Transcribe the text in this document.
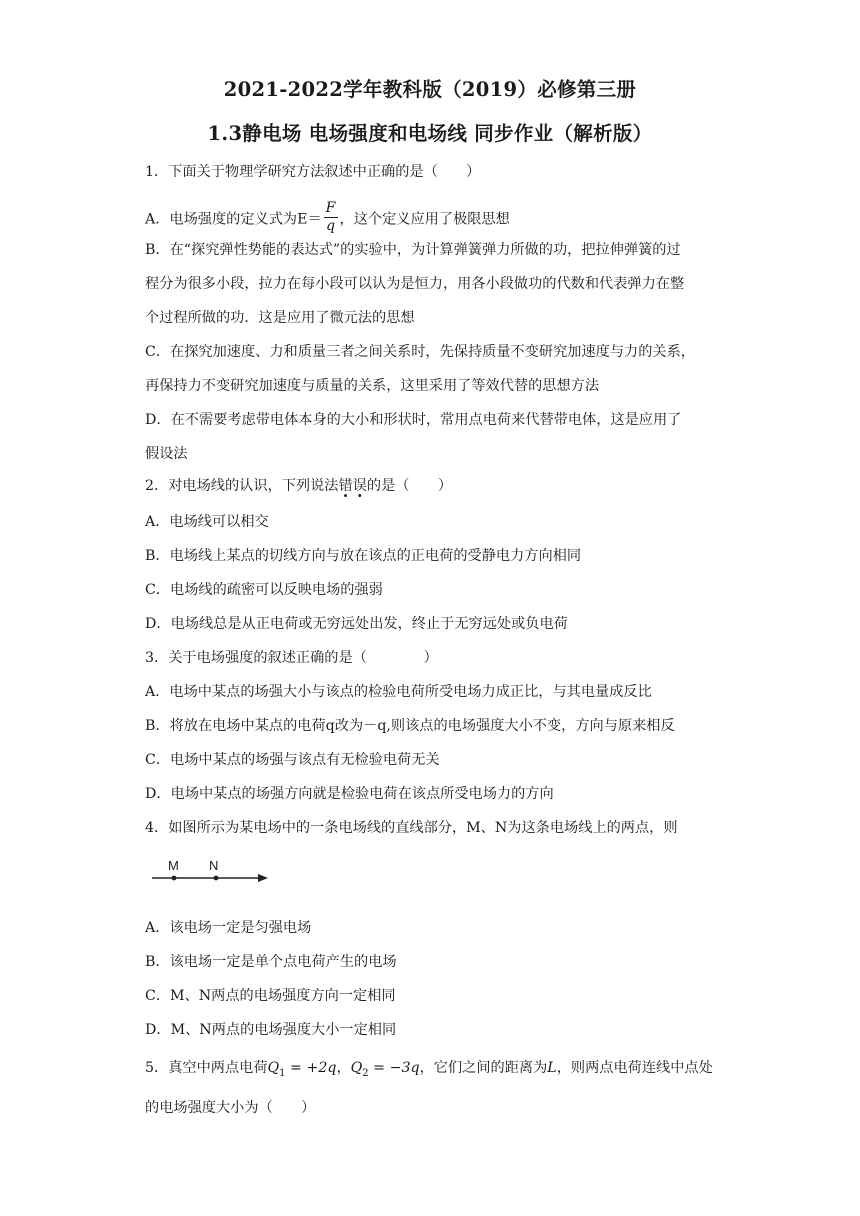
2021-2022学年教科版（2019）必修第三册
1.3静电场 电场强度和电场线 同步作业（解析版）
1．下面关于物理学研究方法叙述中正确的是（　　）
A．电场强度的定义式为$E= \frac{F}{q}$ ，这个定义应用了极限思想
B．在“探究弹性势能的表达式”的实验中，为计算弹簧弹力所做的功，把拉伸弹簧的过
程分为很多小段，拉力在每小段可以认为是恒力，用各小段做功的代数和代表弹力在整
个过程所做的功．这是应用了微元法的思想
C．在探究加速度、力和质量三者之间关系时，先保持质量不变研究加速度与力的关系，
再保持力不变研究加速度与质量的关系，这里采用了等效代替的思想方法
D．在不需要考虑带电体本身的大小和形状时，常用点电荷来代替带电体，这是应用了
假设法
2．对电场线的认识，下列说法错误的是（　　）
A．电场线可以相交
B．电场线上某点的切线方向与放在该点的正电荷的受静电力方向相同
C．电场线的疏密可以反映电场的强弱
D．电场线总是从正电荷或无穷远处出发，终止于无穷远处或负电荷
3．关于电场强度的叙述正确的是（　　　　）
A．电场中某点的场强大小与该点的检验电荷所受电场力成正比，与其电量成反比
B．将放在电场中某点的电荷q改为－q,则该点的电场强度大小不变，方向与原来相反
C．电场中某点的场强与该点有无检验电荷无关
D．电场中某点的场强方向就是检验电荷在该点所受电场力的方向
4．如图所示为某电场中的一条电场线的直线部分，M、N为这条电场线上的两点，则
M N
A．该电场一定是匀强电场
B．该电场一定是单个点电荷产生的电场
C．M、N两点的电场强度方向一定相同
D．M、N两点的电场强度大小一定相同
5．真空中两点电荷$Q_1 = +2q$，$Q_2 = -3q$，它们之间的距离为L，则两点电荷连线中点处
的电场强度大小为（　　）
